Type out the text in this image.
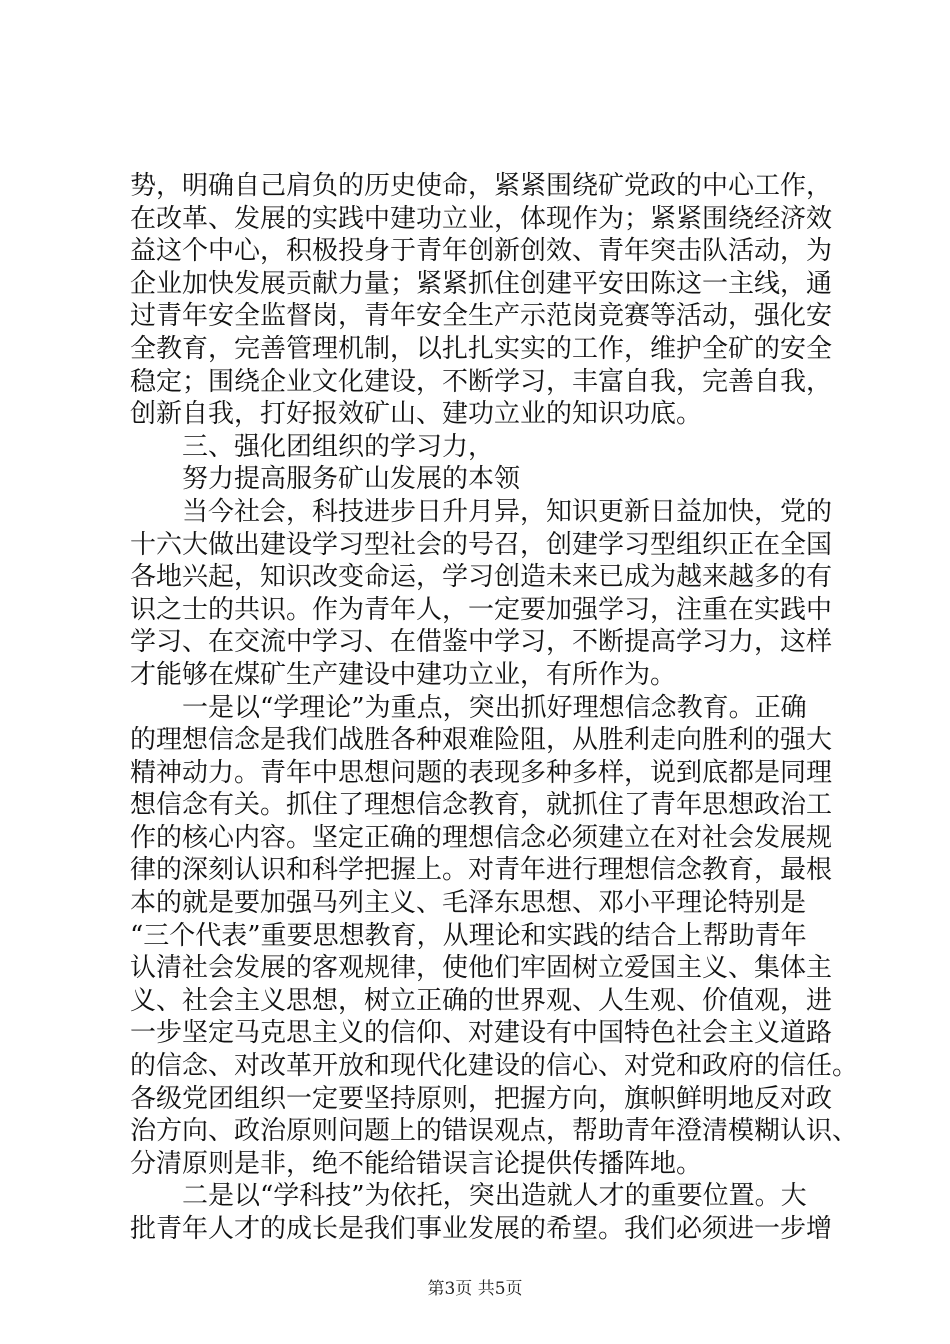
势，明确自己肩负的历史使命，紧紧围绕矿党政的中心工作，
在改革、发展的实践中建功立业，体现作为；紧紧围绕经济效
益这个中心，积极投身于青年创新创效、青年突击队活动，为
企业加快发展贡献力量；紧紧抓住创建平安田陈这一主线，通
过青年安全监督岗，青年安全生产示范岗竞赛等活动，强化安
全教育，完善管理机制，以扎扎实实的工作，维护全矿的安全
稳定；围绕企业文化建设，不断学习，丰富自我，完善自我，
创新自我，打好报效矿山、建功立业的知识功底。
　　三、强化团组织的学习力，
　　努力提高服务矿山发展的本领
　　当今社会，科技进步日升月异，知识更新日益加快，党的
十六大做出建设学习型社会的号召，创建学习型组织正在全国
各地兴起，知识改变命运，学习创造未来已成为越来越多的有
识之士的共识。作为青年人，一定要加强学习，注重在实践中
学习、在交流中学习、在借鉴中学习，不断提高学习力，这样
才能够在煤矿生产建设中建功立业，有所作为。
　　一是以“学理论”为重点，突出抓好理想信念教育。正确
的理想信念是我们战胜各种艰难险阻，从胜利走向胜利的强大
精神动力。青年中思想问题的表现多种多样，说到底都是同理
想信念有关。抓住了理想信念教育，就抓住了青年思想政治工
作的核心内容。坚定正确的理想信念必须建立在对社会发展规
律的深刻认识和科学把握上。对青年进行理想信念教育，最根
本的就是要加强马列主义、毛泽东思想、邓小平理论特别是
“三个代表”重要思想教育，从理论和实践的结合上帮助青年
认清社会发展的客观规律，使他们牢固树立爱国主义、集体主
义、社会主义思想，树立正确的世界观、人生观、价值观，进
一步坚定马克思主义的信仰、对建设有中国特色社会主义道路
的信念、对改革开放和现代化建设的信心、对党和政府的信任。
各级党团组织一定要坚持原则，把握方向，旗帜鲜明地反对政
治方向、政治原则问题上的错误观点，帮助青年澄清模糊认识、
分清原则是非，绝不能给错误言论提供传播阵地。
　　二是以“学科技”为依托，突出造就人才的重要位置。大
批青年人才的成长是我们事业发展的希望。我们必须进一步增
第3页 共5页
